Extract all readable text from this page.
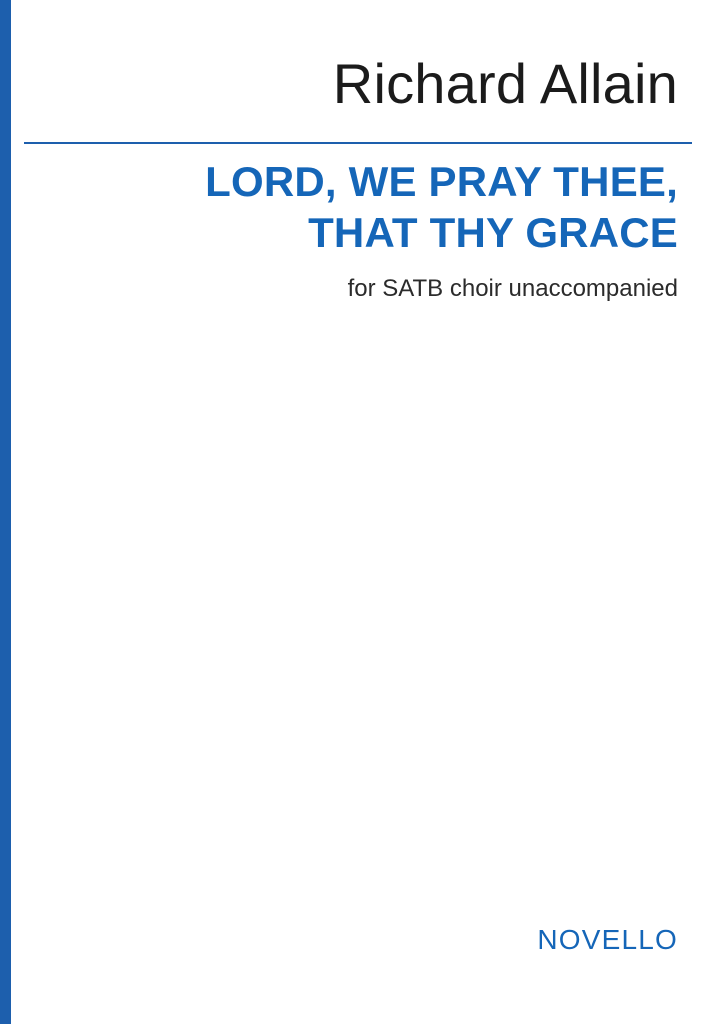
Richard Allain
LORD, WE PRAY THEE,
THAT THY GRACE
for SATB choir unaccompanied
NOVELLO
